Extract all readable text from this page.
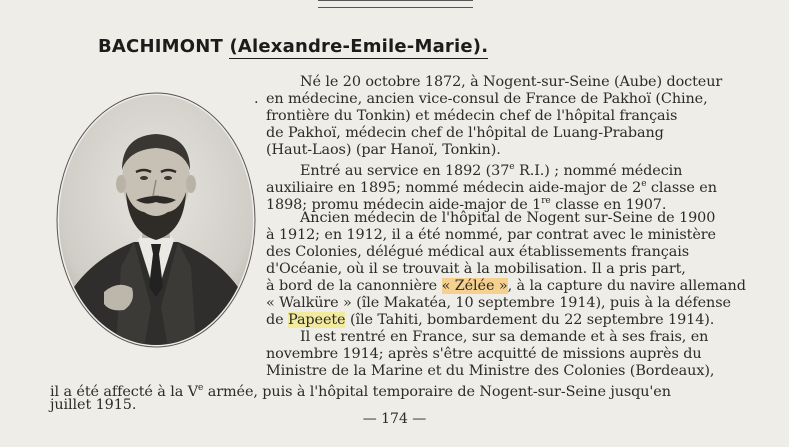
BACHIMONT (Alexandre-Emile-Marie).
Né le 20 octobre 1872, à Nogent-sur-Seine (Aube) docteur
. en médecine, ancien vice-consul de France de Pakhoï (Chine,
frontière du Tonkin) et médecin chef de l'hôpital français
de Pakhoï, médecin chef de l'hôpital de Luang-Prabang
(Haut-Laos) (par Hanoï, Tonkin).
Entré au service en 1892 (37e R.I.) ; nommé médecin
auxiliaire en 1895; nommé médecin aide-major de 2e classe en
1898; promu médecin aide-major de 1re classe en 1907.
Ancien médecin de l'hôpital de Nogent sur-Seine de 1900
à 1912; en 1912, il a été nommé, par contrat avec le ministère
des Colonies, délégué médical aux établissements français
d'Océanie, où il se trouvait à la mobilisation. Il a pris part,
à bord de la canonnière « Zélée », à la capture du navire allemand
« Walküre » (île Makatéa, 10 septembre 1914), puis à la défense
de Papeete (île Tahiti, bombardement du 22 septembre 1914).
Il est rentré en France, sur sa demande et à ses frais, en
novembre 1914; après s'être acquitté de missions auprès du
Ministre de la Marine et du Ministre des Colonies (Bordeaux),
il a été affecté à la Ve armée, puis à l'hôpital temporaire de Nogent-sur-Seine jusqu'en
juillet 1915.
— 174 —
